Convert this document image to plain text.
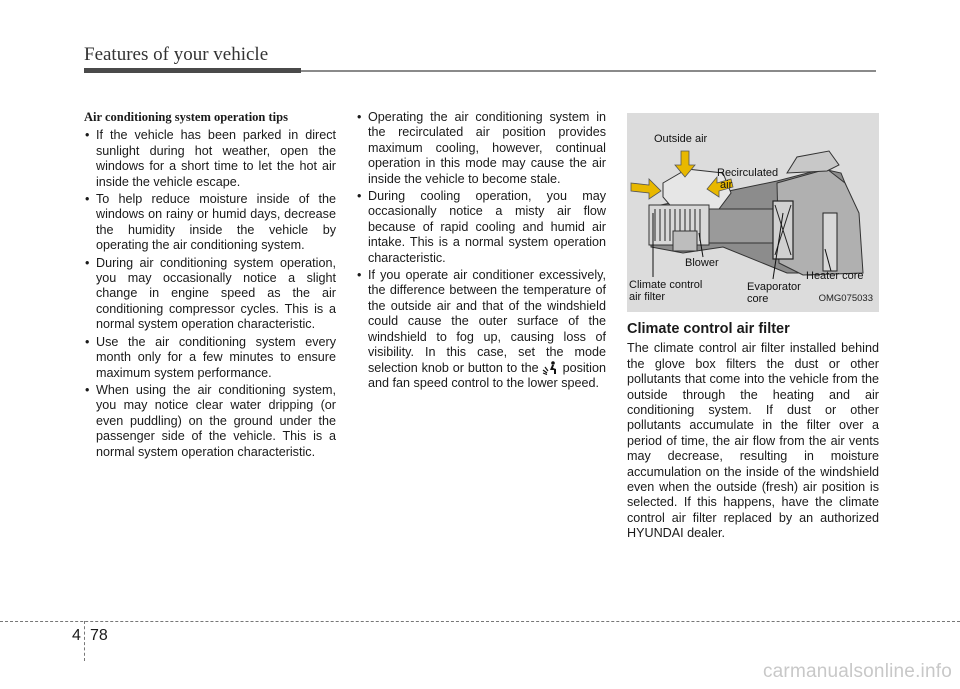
Features of your vehicle
Air conditioning system operation tips
• If the vehicle has been parked in direct sunlight during hot weather, open the windows for a short time to let the hot air inside the vehicle escape.
• To help reduce moisture inside of the windows on rainy or humid days, decrease the humidity inside the vehicle by operating the air conditioning system.
• During air conditioning system operation, you may occasionally notice a slight change in engine speed as the air conditioning compressor cycles. This is a normal system operation characteristic.
• Use the air conditioning system every month only for a few minutes to ensure maximum system performance.
• When using the air conditioning system, you may notice clear water dripping (or even puddling) on the ground under the passenger side of the vehicle. This is a normal system operation characteristic.
• Operating the air conditioning system in the recirculated air position provides maximum cooling, however, continual operation in this mode may cause the air inside the vehicle to become stale.
• During cooling operation, you may occasionally notice a misty air flow because of rapid cooling and humid air intake. This is a normal system operation characteristic.
• If you operate air conditioner excessively, the difference between the temperature of the outside air and that of the windshield could cause the outer surface of the windshield to fog up, causing loss of visibility. In this case, set the mode selection knob or button to the position and fan speed control to the lower speed.
Outside air
Recirculated
air
Blower
Climate control
air filter
Evaporator
core
Heater core
OMG075033
Climate control air filter

The climate control air filter installed behind the glove box filters the dust or other pollutants that come into the vehicle from the outside through the heating and air conditioning system. If dust or other pollutants accumulate in the filter over a period of time, the air flow from the air vents may decrease, resulting in moisture accumulation on the inside of the windshield even when the outside (fresh) air position is selected. If this happens, have the climate control air filter replaced by an authorized HYUNDAI dealer.

4 78
carmanualsonline.info
